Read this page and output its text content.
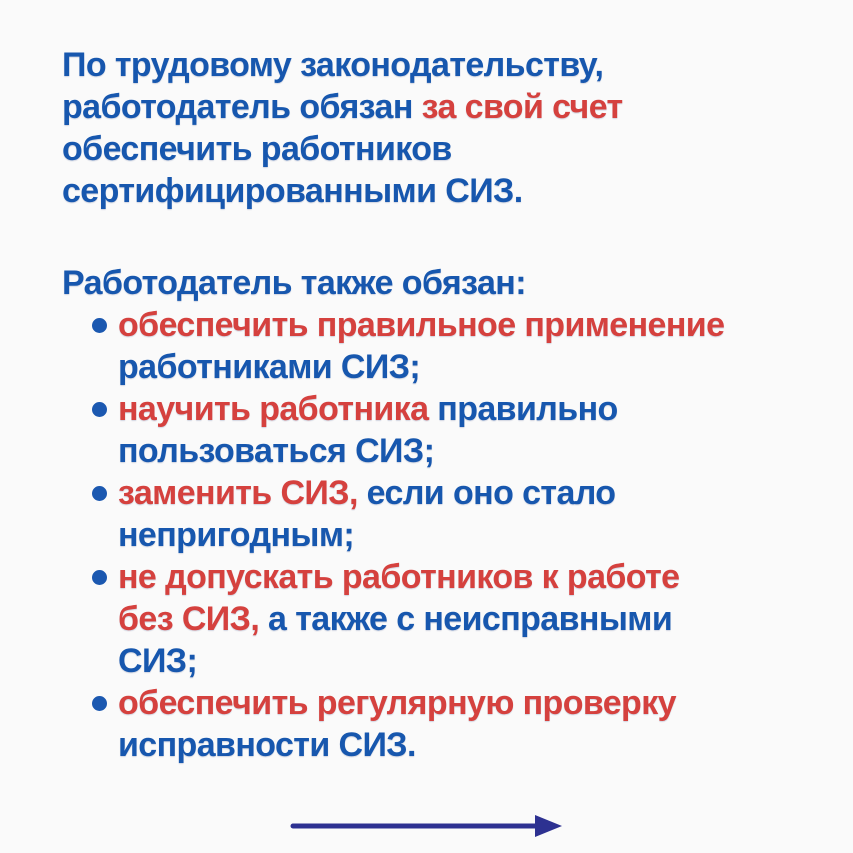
По трудовому законодательству,
работодатель обязан за свой счет
обеспечить работников
сертифицированными СИЗ.
Работодатель также обязан:
обеспечить правильное применение
работниками СИЗ;
научить работника правильно
пользоваться СИЗ;
заменить СИЗ, если оно стало
непригодным;
не допускать работников к работе
без СИЗ, а также с неисправными
СИЗ;
обеспечить регулярную проверку
исправности СИЗ.
